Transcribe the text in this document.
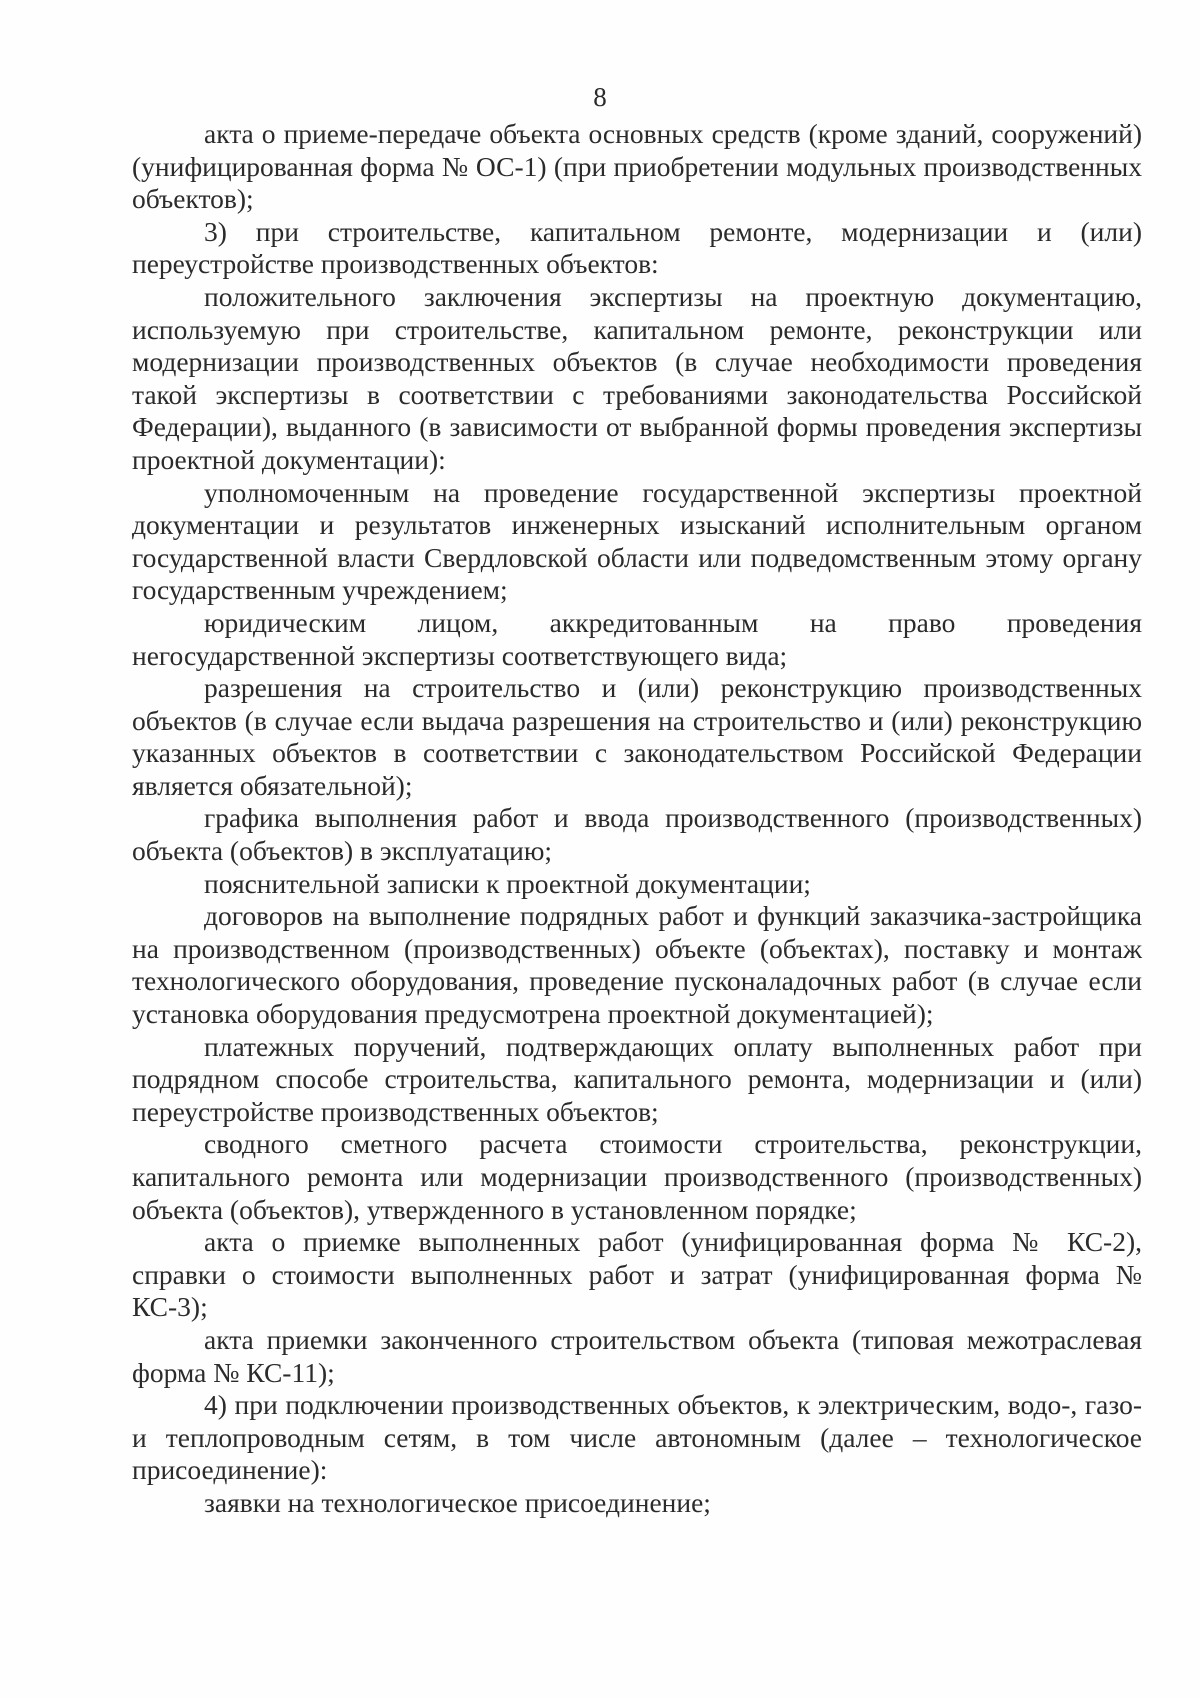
8

акта о приеме-передаче объекта основных средств (кроме зданий, сооружений) (унифицированная форма № ОС-1) (при приобретении модульных производственных объектов);

3) при строительстве, капитальном ремонте, модернизации и (или) переустройстве производственных объектов:

положительного заключения экспертизы на проектную документацию, используемую при строительстве, капитальном ремонте, реконструкции или модернизации производственных объектов (в случае необходимости проведения такой экспертизы в соответствии с требованиями законодательства Российской Федерации), выданного (в зависимости от выбранной формы проведения экспертизы проектной документации):

уполномоченным на проведение государственной экспертизы проектной документации и результатов инженерных изысканий исполнительным органом государственной власти Свердловской области или подведомственным этому органу государственным учреждением;

юридическим лицом, аккредитованным на право проведения негосударственной экспертизы соответствующего вида;

разрешения на строительство и (или) реконструкцию производственных объектов (в случае если выдача разрешения на строительство и (или) реконструкцию указанных объектов в соответствии с законодательством Российской Федерации является обязательной);

графика выполнения работ и ввода производственного (производственных) объекта (объектов) в эксплуатацию;

пояснительной записки к проектной документации;

договоров на выполнение подрядных работ и функций заказчика-застройщика на производственном (производственных) объекте (объектах), поставку и монтаж технологического оборудования, проведение пусконаладочных работ (в случае если установка оборудования предусмотрена проектной документацией);

платежных поручений, подтверждающих оплату выполненных работ при подрядном способе строительства, капитального ремонта, модернизации и (или) переустройстве производственных объектов;

сводного сметного расчета стоимости строительства, реконструкции, капитального ремонта или модернизации производственного (производственных) объекта (объектов), утвержденного в установленном порядке;

акта о приемке выполненных работ (унифицированная форма № КС-2), справки о стоимости выполненных работ и затрат (унифицированная форма № КС-3);

акта приемки законченного строительством объекта (типовая межотраслевая форма № КС-11);

4) при подключении производственных объектов, к электрическим, водо-, газо- и теплопроводным сетям, в том числе автономным (далее – технологическое присоединение):

заявки на технологическое присоединение;
